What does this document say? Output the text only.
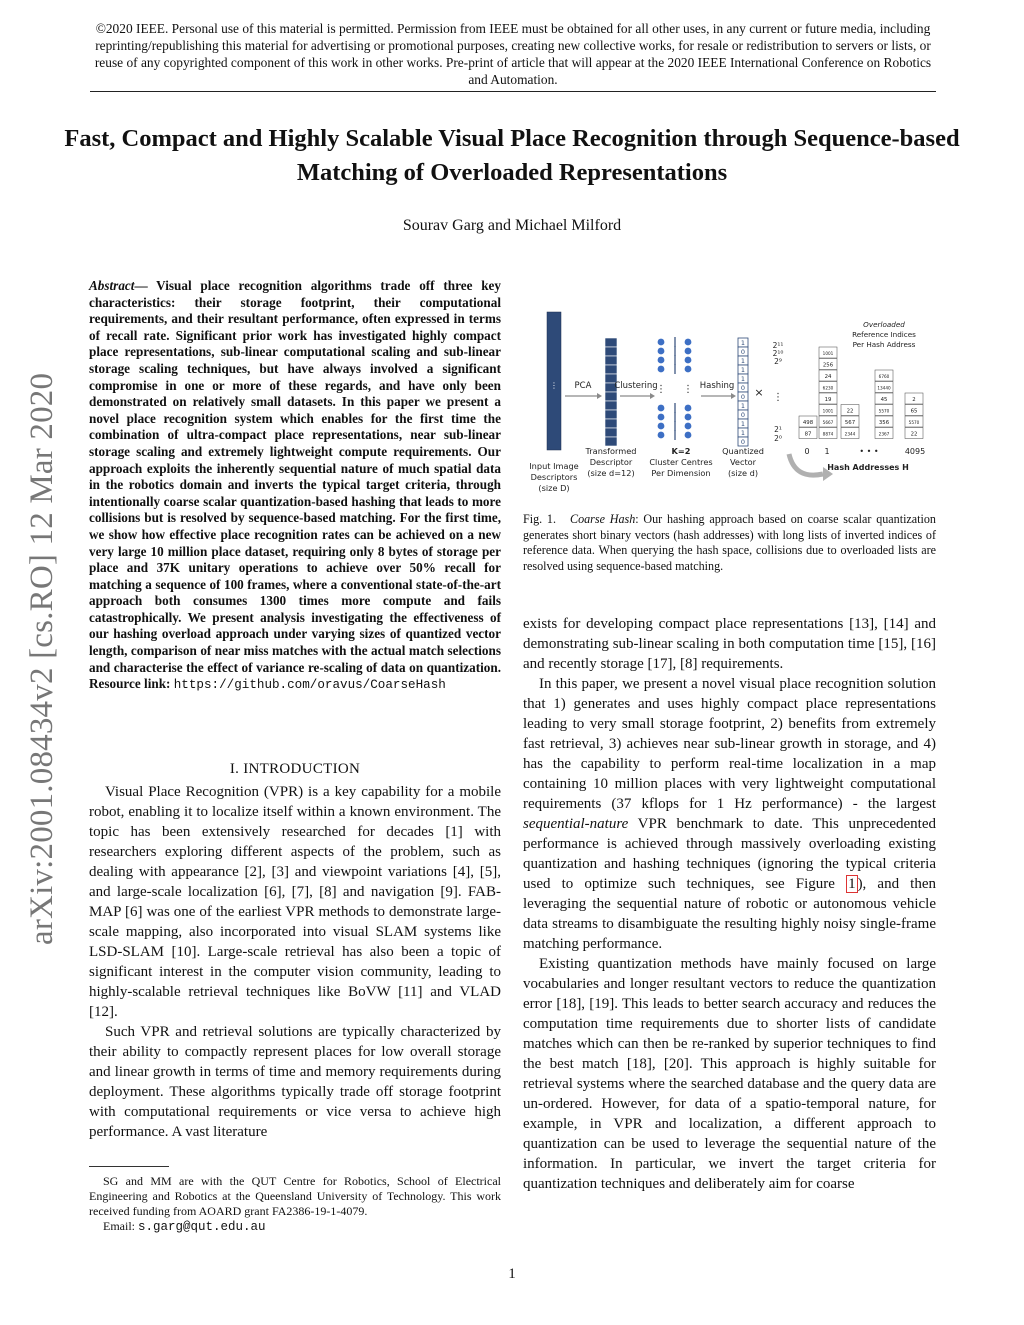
©2020 IEEE. Personal use of this material is permitted. Permission from IEEE must be obtained for all other uses, in any current or future media, including reprinting/republishing this material for advertising or promotional purposes, creating new collective works, for resale or redistribution to servers or lists, or reuse of any copyrighted component of this work in other works. Pre-print of article that will appear at the 2020 IEEE International Conference on Robotics and Automation.
Fast, Compact and Highly Scalable Visual Place Recognition through Sequence-based Matching of Overloaded Representations
Sourav Garg and Michael Milford
arXiv:2001.08434v2 [cs.RO] 12 Mar 2020
Abstract— Visual place recognition algorithms trade off three key characteristics: their storage footprint, their computational requirements, and their resultant performance, often expressed in terms of recall rate. Significant prior work has investigated highly compact place representations, sub-linear computational scaling and sub-linear storage scaling techniques, but have always involved a significant compromise in one or more of these regards, and have only been demonstrated on relatively small datasets. In this paper we present a novel place recognition system which enables for the first time the combination of ultra-compact place representations, near sub-linear storage scaling and extremely lightweight compute requirements. Our approach exploits the inherently sequential nature of much spatial data in the robotics domain and inverts the typical target criteria, through intentionally coarse scalar quantization-based hashing that leads to more collisions but is resolved by sequence-based matching. For the first time, we show how effective place recognition rates can be achieved on a new very large 10 million place dataset, requiring only 8 bytes of storage per place and 37K unitary operations to achieve over 50% recall for matching a sequence of 100 frames, where a conventional state-of-the-art approach both consumes 1300 times more compute and fails catastrophically. We present analysis investigating the effectiveness of our hashing overload approach under varying sizes of quantized vector length, comparison of near miss matches with the actual match selections and characterise the effect of variance re-scaling of data on quantization. Resource link: https://github.com/oravus/CoarseHash
I. INTRODUCTION

Visual Place Recognition (VPR) is a key capability for a mobile robot, enabling it to localize itself within a known environment. The topic has been extensively researched for decades [1] with researchers exploring different aspects of the problem, such as dealing with appearance [2], [3] and viewpoint variations [4], [5], and large-scale localization [6], [7], [8] and navigation [9]. FAB-MAP [6] was one of the earliest VPR methods to demonstrate large-scale mapping, also incorporated into visual SLAM systems like LSD-SLAM [10]. Large-scale retrieval has also been a topic of significant interest in the computer vision community, leading to highly-scalable retrieval techniques like BoVW [11] and VLAD [12].

Such VPR and retrieval solutions are typically characterized by their ability to compactly represent places for low overall storage and linear growth in terms of time and memory requirements during deployment. These algorithms typically trade off storage footprint with computational requirements or vice versa to achieve high performance. A vast literature

SG and MM are with the QUT Centre for Robotics, School of Electrical Engineering and Robotics at the Queensland University of Technology. This work received funding from AOARD grant FA2386-19-1-4079.

Email: s.garg@qut.edu.au

⋮
Input Image
Descriptors
(size D)
PCA
Transformed
Descriptor
(size d=12)
Clustering
⋮ ⋮
K=2
Cluster Centres
Per Dimension
Hashing
1
0
1
1
1
0
0
1
0
1
1
0
Quantized
Vector
(size d)
×
2¹¹
2¹⁰
2⁹
⋮
2¹
2⁰
Overloaded
Reference Indices
Per Hash Address
498
87
1001
256
24
6230
19
1001
5667
8874
22
567
2344
6760
13440
45
5570
356
2367
2
65
5570
22
0 1	• • •	4095
Hash Addresses H
Fig. 1. Coarse Hash: Our hashing approach based on coarse scalar quantization generates short binary vectors (hash addresses) with long lists of inverted indices of reference data. When querying the hash space, collisions due to overloaded lists are resolved using sequence-based matching.

exists for developing compact place representations [13], [14] and demonstrating sub-linear scaling in both computation time [15], [16] and recently storage [17], [8] requirements.

In this paper, we present a novel visual place recognition solution that 1) generates and uses highly compact place representations leading to very small storage footprint, 2) benefits from extremely fast retrieval, 3) achieves near sub-linear growth in storage, and 4) has the capability to perform real-time localization in a map containing 10 million places with very lightweight computational requirements (37 kflops for 1 Hz performance) - the largest sequential-nature VPR benchmark to date. This unprecedented performance is achieved through massively overloading existing quantization and hashing techniques (ignoring the typical criteria used to optimize such techniques, see Figure 1 ), and then leveraging the sequential nature of robotic or autonomous vehicle data streams to disambiguate the resulting highly noisy single-frame matching performance.

Existing quantization methods have mainly focused on large vocabularies and longer resultant vectors to reduce the quantization error [18], [19]. This leads to better search accuracy and reduces the computation time requirements due to shorter lists of candidate matches which can then be re-ranked by superior techniques to find the best match [18], [20]. This approach is highly suitable for retrieval systems where the searched database and the query data are un-ordered. However, for data of a spatio-temporal nature, for example, in VPR and localization, a different approach to quantization can be used to leverage the sequential nature of the information. In particular, we invert the target criteria for quantization techniques and deliberately aim for coarse

1
